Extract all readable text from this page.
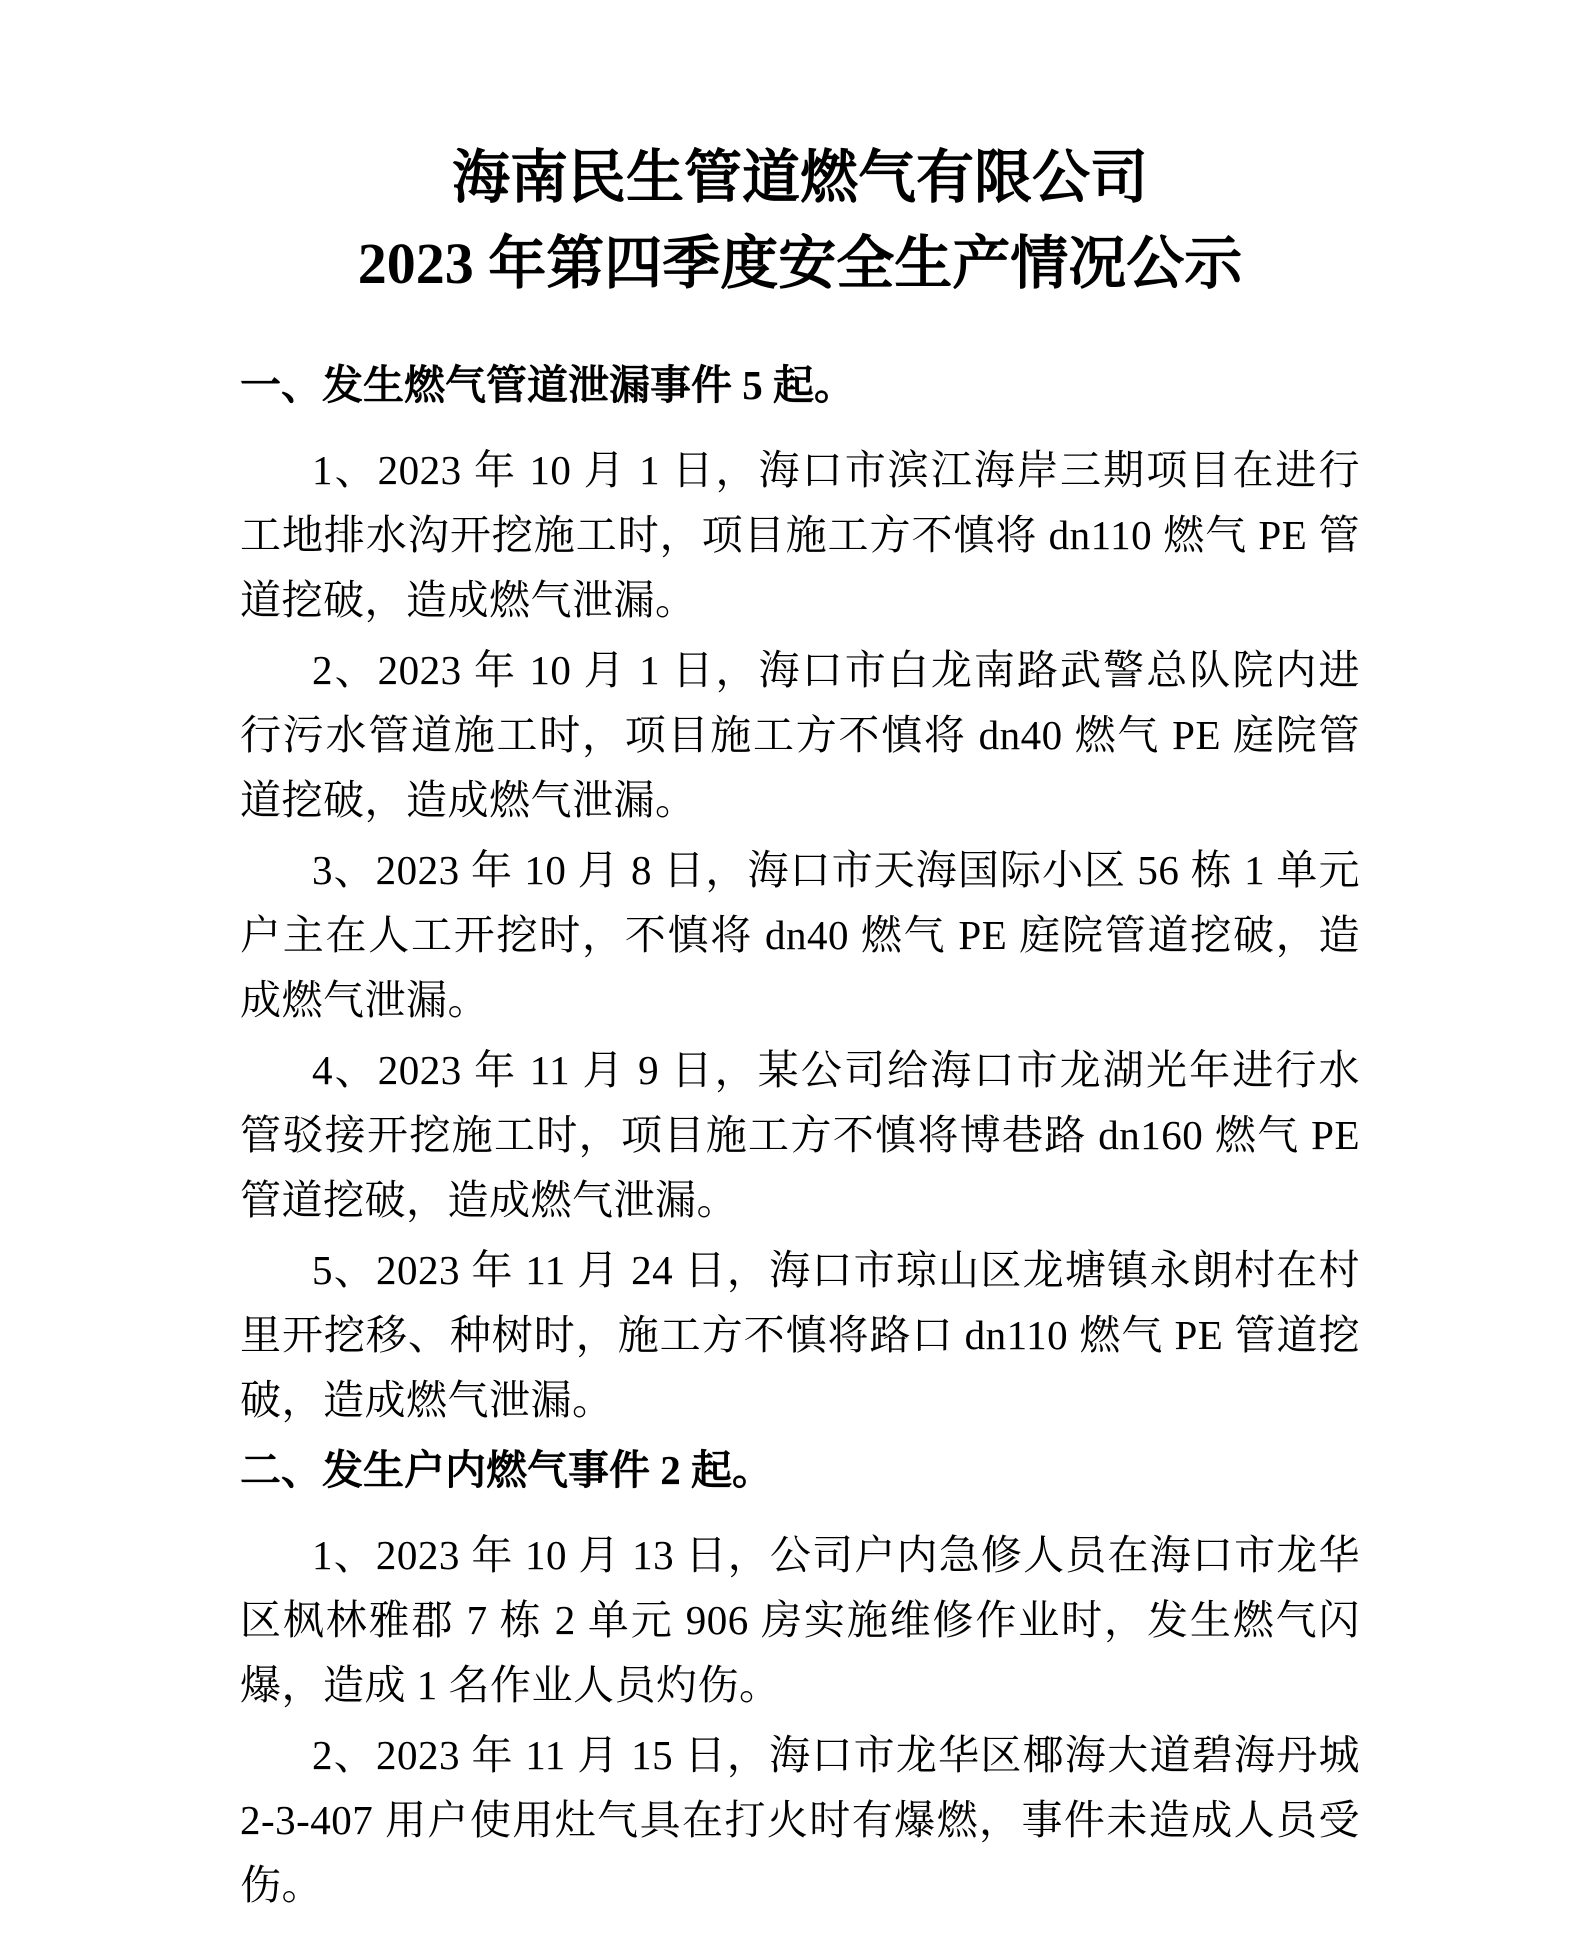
海南民生管道燃气有限公司
2023 年第四季度安全生产情况公示
一、发生燃气管道泄漏事件 5 起。

1、2023 年 10 月 1 日，海口市滨江海岸三期项目在进行工地排水沟开挖施工时，项目施工方不慎将 dn110 燃气 PE 管道挖破，造成燃气泄漏。

2、2023 年 10 月 1 日，海口市白龙南路武警总队院内进行污水管道施工时，项目施工方不慎将 dn40 燃气 PE 庭院管道挖破，造成燃气泄漏。

3、2023 年 10 月 8 日，海口市天海国际小区 56 栋 1 单元户主在人工开挖时，不慎将 dn40 燃气 PE 庭院管道挖破，造成燃气泄漏。

4、2023 年 11 月 9 日，某公司给海口市龙湖光年进行水管驳接开挖施工时，项目施工方不慎将博巷路 dn160 燃气 PE 管道挖破，造成燃气泄漏。

5、2023 年 11 月 24 日，海口市琼山区龙塘镇永朗村在村里开挖移、种树时，施工方不慎将路口 dn110 燃气 PE 管道挖破，造成燃气泄漏。

二、发生户内燃气事件 2 起。

1、2023 年 10 月 13 日，公司户内急修人员在海口市龙华区枫林雅郡 7 栋 2 单元 906 房实施维修作业时，发生燃气闪爆，造成 1 名作业人员灼伤。

2、2023 年 11 月 15 日，海口市龙华区椰海大道碧海丹城 2-3-407 用户使用灶气具在打火时有爆燃，事件未造成人员受伤。
